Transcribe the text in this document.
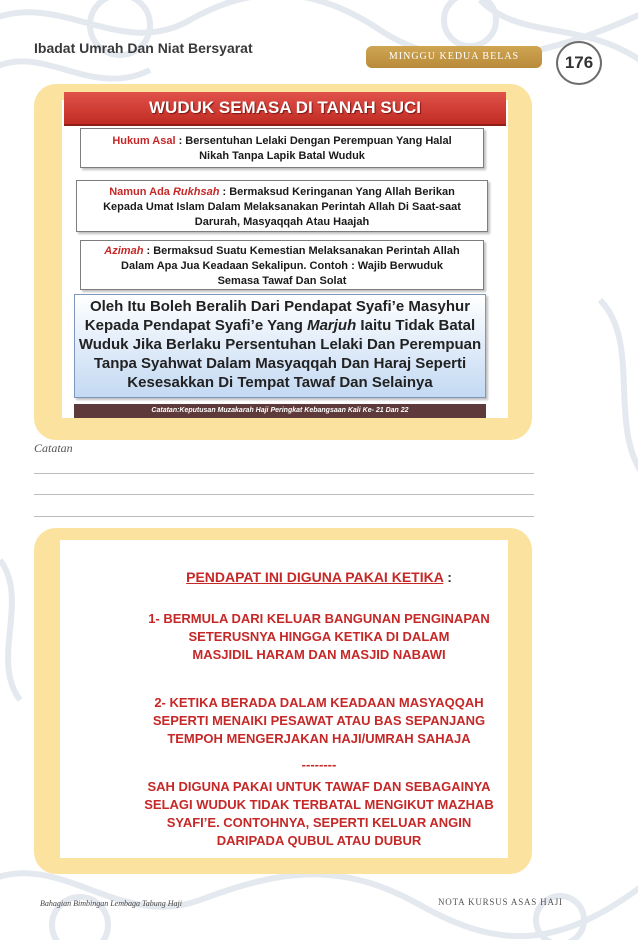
Ibadat Umrah Dan Niat Bersyarat
MINGGU KEDUA BELAS	176
WUDUK SEMASA DI TANAH SUCI
Hukum Asal : Bersentuhan Lelaki Dengan Perempuan Yang Halal
Nikah Tanpa Lapik Batal Wuduk
Namun Ada Rukhsah : Bermaksud Keringanan Yang Allah Berikan
Kepada Umat Islam Dalam Melaksanakan Perintah Allah Di Saat-saat
Darurah, Masyaqqah Atau Haajah
Azimah : Bermaksud Suatu Kemestian Melaksanakan Perintah Allah
Dalam Apa Jua Keadaan Sekalipun. Contoh : Wajib Berwuduk
Semasa Tawaf Dan Solat
Oleh Itu Boleh Beralih Dari Pendapat Syafi’e Masyhur
Kepada Pendapat Syafi’e Yang Marjuh Iaitu Tidak Batal
Wuduk Jika Berlaku Persentuhan Lelaki Dan Perempuan
Tanpa Syahwat Dalam Masyaqqah Dan Haraj Seperti
Kesesakkan Di Tempat Tawaf Dan Selainya
Catatan:Keputusan Muzakarah Haji Peringkat Kebangsaan Kali Ke- 21 Dan 22
Catatan
PENDAPAT INI DIGUNA PAKAI KETIKA :
1- BERMULA DARI KELUAR BANGUNAN PENGINAPAN
SETERUSNYA HINGGA KETIKA DI DALAM
MASJIDIL HARAM DAN MASJID NABAWI
2- KETIKA BERADA DALAM KEADAAN MASYAQQAH
SEPERTI MENAIKI PESAWAT ATAU BAS SEPANJANG
TEMPOH MENGERJAKAN HAJI/UMRAH SAHAJA
--------
SAH DIGUNA PAKAI UNTUK TAWAF DAN SEBAGAINYA
SELAGI WUDUK TIDAK TERBATAL MENGIKUT MAZHAB
SYAFI’E. CONTOHNYA, SEPERTI KELUAR ANGIN
DARIPADA QUBUL ATAU DUBUR
Bahagian Bimbingan Lembaga Tabung Haji	NOTA KURSUS ASAS HAJI
